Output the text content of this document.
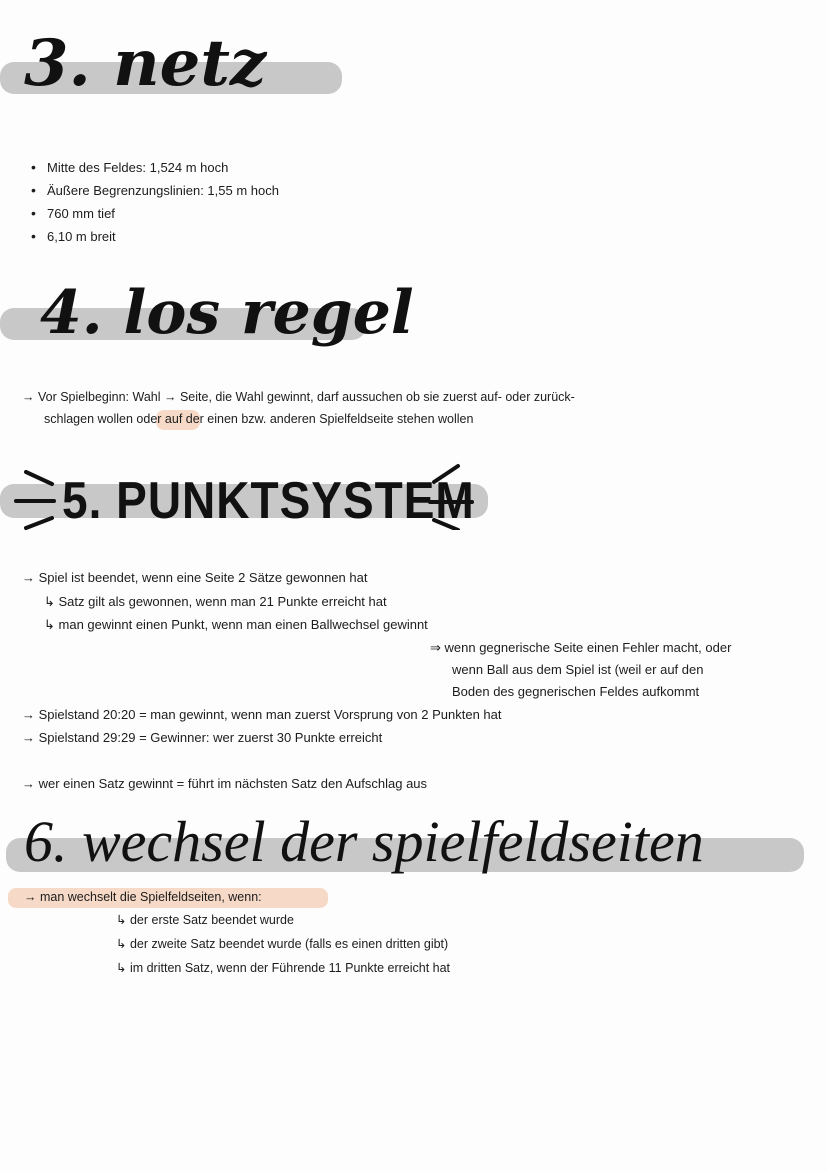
3. netz
• Mitte des Feldes: 1,524 m hoch
• Äußere Begrenzungslinien: 1,55 m hoch
• 760 mm tief
• 6,10 m breit
4. los regel
→ Vor Spielbeginn: Wahl → Seite, die Wahl gewinnt, darf aussuchen ob sie zuerst auf- oder zurück-
schlagen wollen oder auf der einen bzw. anderen Spielfeldseite stehen wollen
5. PUNKTSYSTEM
→ Spiel ist beendet, wenn eine Seite 2 Sätze gewonnen hat
↳ Satz gilt als gewonnen, wenn man 21 Punkte erreicht hat
↳ man gewinnt einen Punkt, wenn man einen Ballwechsel gewinnt
⇒ wenn gegnerische Seite einen Fehler macht, oder
wenn Ball aus dem Spiel ist (weil er auf den
Boden des gegnerischen Feldes aufkommt
→ Spielstand 20:20 = man gewinnt, wenn man zuerst Vorsprung von 2 Punkten hat
→ Spielstand 29:29 = Gewinner: wer zuerst 30 Punkte erreicht
→ wer einen Satz gewinnt = führt im nächsten Satz den Aufschlag aus
6. wechsel der spielfeldseiten
→ man wechselt die Spielfeldseiten, wenn:
↳ der erste Satz beendet wurde
↳ der zweite Satz beendet wurde (falls es einen dritten gibt)
↳ im dritten Satz, wenn der Führende 11 Punkte erreicht hat
